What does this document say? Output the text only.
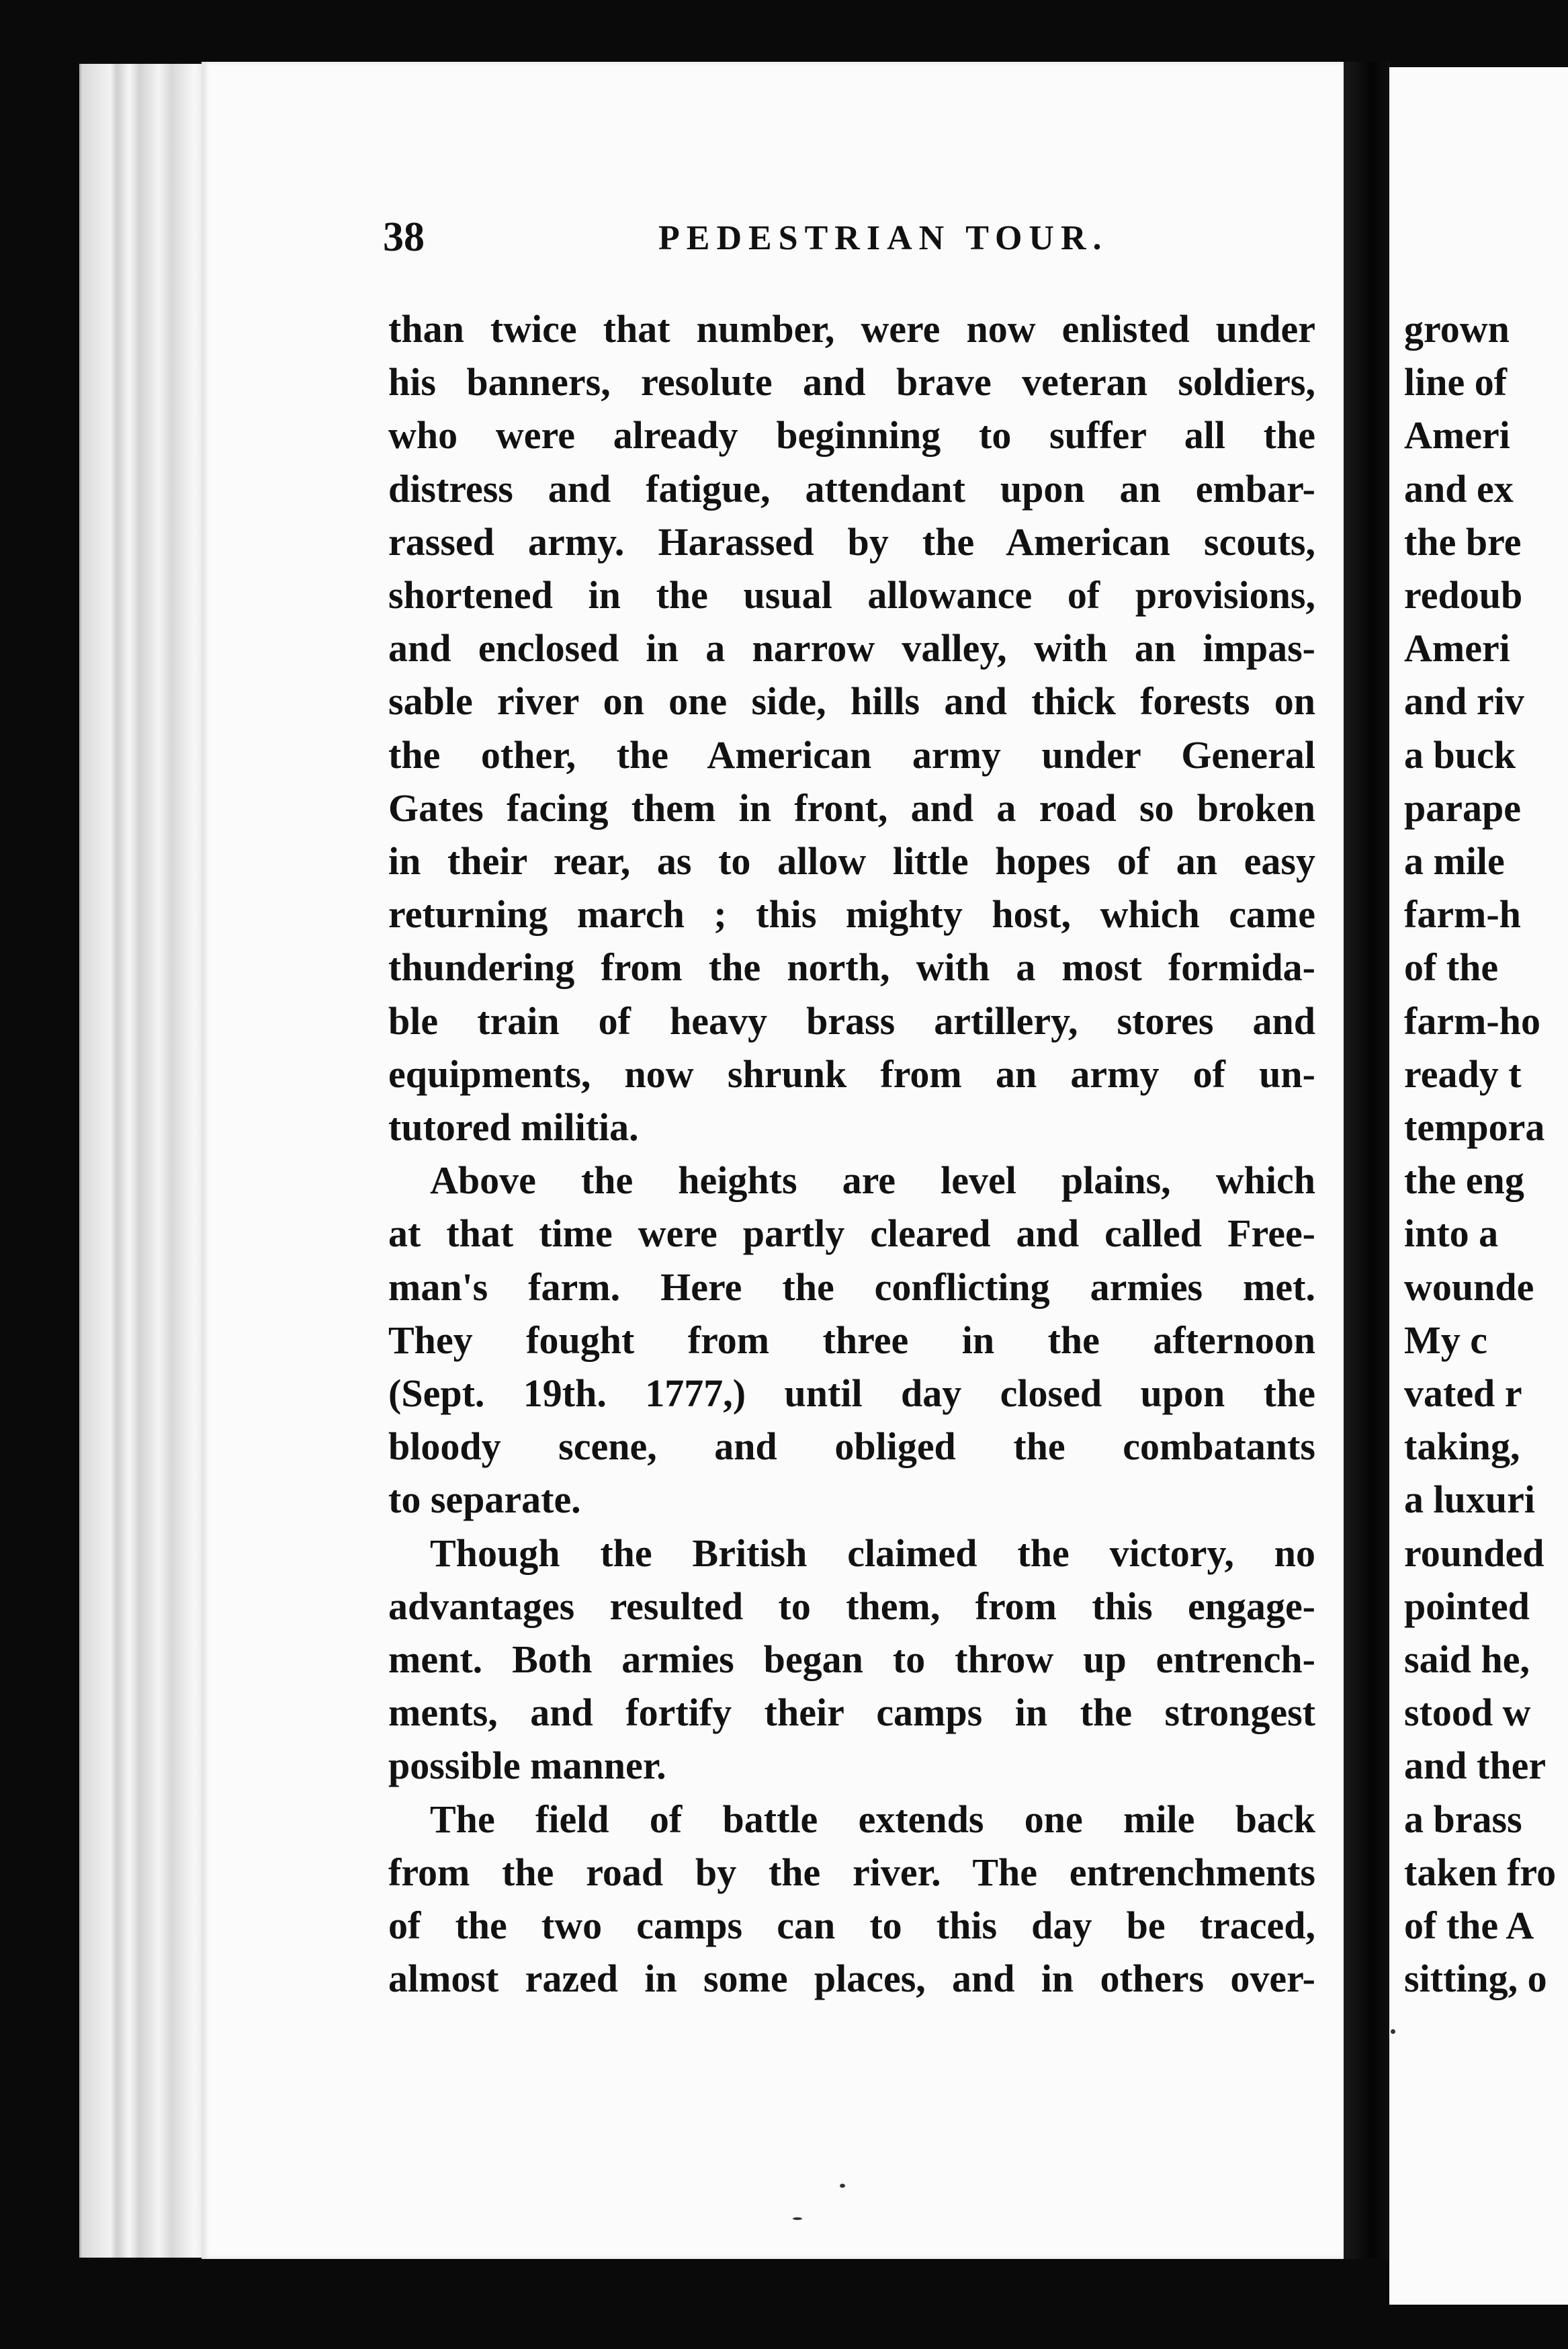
38	PEDESTRIAN TOUR.
than twice that number, were now enlisted under
his banners, resolute and brave veteran soldiers,
who were already beginning to suffer all the
distress and fatigue, attendant upon an embar-
rassed army. Harassed by the American scouts,
shortened in the usual allowance of provisions,
and enclosed in a narrow valley, with an impas-
sable river on one side, hills and thick forests on
the other, the American army under General
Gates facing them in front, and a road so broken
in their rear, as to allow little hopes of an easy
returning march ; this mighty host, which came
thundering from the north, with a most formida-
ble train of heavy brass artillery, stores and
equipments, now shrunk from an army of un-
tutored militia.
Above the heights are level plains, which
at that time were partly cleared and called Free-
man's farm. Here the conflicting armies met.
They fought from three in the afternoon
(Sept. 19th. 1777,) until day closed upon the
bloody scene, and obliged the combatants
to separate.
Though the British claimed the victory, no
advantages resulted to them, from this engage-
ment. Both armies began to throw up entrench-
ments, and fortify their camps in the strongest
possible manner.
The field of battle extends one mile back
from the road by the river. The entrenchments
of the two camps can to this day be traced,
almost razed in some places, and in others over-
grown
line of
Ameri
and ex
the bre
redoub
Ameri
and riv
a buck
parape
a mile
farm-h
of the
farm-ho
ready t
tempora
the eng
into a
wounde
My c
vated r
taking,
a luxuri
rounded
pointed
said he,
stood w
and ther
a brass
taken fro
of the A
sitting, o
